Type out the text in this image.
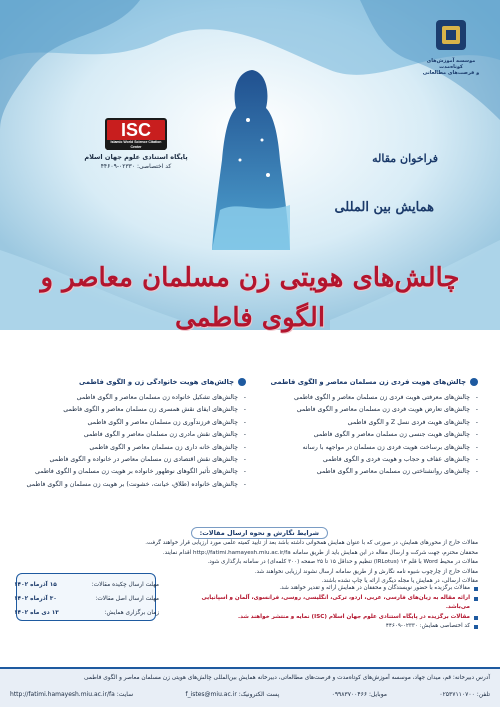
موسسه آموزش‌های کوتاه‌مدت
و فرصت‌های مطالعاتی
ISC
Islamic World Science Citation Center
پایگاه استنادی علوم جهان اسلام
کد اختصاصی: ۰۲۳۳۰-۴۴۶۰۹
فراخوان مقاله
همایش بین المللی
چالش‌های هویتی زن مسلمان معاصر و الگوی فاطمی
چالش‌های هویت فردی زن مسلمان معاصر و الگوی فاطمی
- چالش‌های معرفتی هویت فردی زن مسلمان معاصر و الگوی فاطمی
- چالش‌های تعارض هویت فردی زن مسلمان معاصر و الگوی فاطمی
- چالش‌های هویت فردی نسل Z و الگوی فاطمی
- چالش‌های هویت جنسی زن مسلمان معاصر و الگوی فاطمی
- چالش‌های برساخت هویت فردی زن مسلمان در مواجهه با رسانه
- چالش‌های عفاف و حجاب و هویت فردی و الگوی فاطمی
- چالش‌های روانشناختی زن مسلمان معاصر و الگوی فاطمی
چالش‌های هویت خانوادگی زن و الگوی فاطمی
- چالش‌های تشکیل خانواده زن مسلمان معاصر و الگوی فاطمی
- چالش‌های ایفای نقش همسری زن مسلمان معاصر و الگوی فاطمی
- چالش‌های فرزندآوری زن مسلمان معاصر و الگوی فاطمی
- چالش‌های نقش مادری زن مسلمان معاصر و الگوی فاطمی
- چالش‌های خانه داری زن مسلمان معاصر و الگوی فاطمی
- چالش‌های نقش اقتصادی زن مسلمان معاصر در خانواده و الگوی فاطمی
- چالش‌های تأثیر الگوهای نوظهور خانواده بر هویت زن مسلمان و الگوی فاطمی
- چالش‌های خانواده (طلاق، خیانت، خشونت) بر هویت زن مسلمان و الگوی فاطمی
شرایط نگارش و نحوه ارسال مقالات:
مقالات خارج از محورهای همایش، در صورتی که با عنوان همایش همخوانی داشته باشد بعد از تایید کمیته علمی مورد ارزیابی قرار خواهند گرفت.
محققان محترم، جهت شرکت و ارسال مقاله در این همایش باید از طریق سامانه http://fatimi.hamayesh.miu.ac.ir/fa اقدام نمایند.
مقالات در محیط Word با قلم ۱۴ (IRLotus) تنظیم و حداقل ۱۵ تا ۲۵ صفحه (۳۰۰ کلمه‌ای) در سامانه بارگذاری شود.
مقالات خارج از چارچوب شیوه نامه نگارش و از طریق سامانه ارسال نشوند ارزیابی نخواهند شد.
مقالات ارسالی، در همایش یا مجله دیگری ارائه یا چاپ نشده باشند.
مهلت ارسال چکیده مقالات:
۱۵ آذرماه ۱۴۰۲
مهلت ارسال اصل مقالات:
۳۰ آذرماه ۱۴۰۲
زمان برگزاری همایش:
۱۳ دی ماه ۱۴۰۲
مقالات برگزیده با حضور نویسندگان و محققان در همایش ارائه و تقدیر خواهند شد.
ارائه مقاله به زبان‌های فارسی، عربی، اردو، ترکی، انگلیسی، روسی، فرانسوی، آلمان و اسپانیایی می‌باشد.
مقالات برگزیده در پایگاه استنادی علوم جهان اسلام (ISC) نمایه و منتشر خواهند شد.
کد اختصاصی همایش: ۰۲۳۳۰-۴۴۶۰۹
آدرس دبیرخانه: قم، میدان جهاد، موسسه آموزش‌های کوتاه‌مدت و فرصت‌های مطالعاتی، دبیرخانه همایش بین‌المللی چالش‌های هویتی زن مسلمان معاصر و الگوی فاطمی
تلفن: ۰۲۵۳۷۱۱۰۷۰۰
موبایل: ۰۹۹۸۳۷۰۰۴۶۶
پست الکترونیک: f_istes@miu.ac.ir
سایت: http://fatimi.hamayesh.miu.ac.ir/fa
